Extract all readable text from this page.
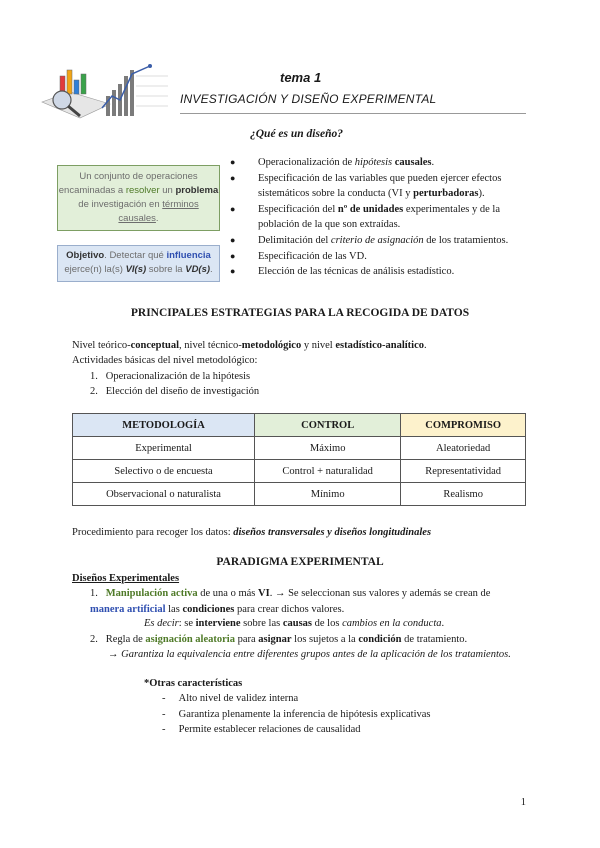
tema 1
INVESTIGACIÓN Y DISEÑO EXPERIMENTAL
¿Qué es un diseño?
Un conjunto de operaciones encaminadas a resolver un problema de investigación en términos causales.
Objetivo. Detectar qué influencia ejerce(n) la(s) VI(s) sobre la VD(s).
● Operacionalización de hipótesis causales.
● Especificación de las variables que pueden ejercer efectos sistemáticos sobre la conducta (VI y perturbadoras).
● Especificación del nº de unidades experimentales y de la población de la que son extraídas.
● Delimitación del criterio de asignación de los tratamientos.
● Especificación de las VD.
● Elección de las técnicas de análisis estadístico.
PRINCIPALES ESTRATEGIAS PARA LA RECOGIDA DE DATOS
Nivel teórico-conceptual, nivel técnico-metodológico y nivel estadístico-analítico.
Actividades básicas del nivel metodológico:
1. Operacionalización de la hipótesis
2. Elección del diseño de investigación
METODOLOGÍA	CONTROL	COMPROMISO
Experimental	Máximo	Aleatoriedad
Selectivo o de encuesta	Control + naturalidad	Representatividad
Observacional o naturalista	Mínimo	Realismo
Procedimiento para recoger los datos: diseños transversales y diseños longitudinales
PARADIGMA EXPERIMENTAL
Diseños Experimentales
1. Manipulación activa de una o más VI. → Se seleccionan sus valores y además se crean de manera artificial las condiciones para crear dichos valores.
Es decir: se interviene sobre las causas de los cambios en la conducta.
2. Regla de asignación aleatoria para asignar los sujetos a la condición de tratamiento.
→ Garantiza la equivalencia entre diferentes grupos antes de la aplicación de los tratamientos.
*Otras características
- Alto nivel de validez interna
- Garantiza plenamente la inferencia de hipótesis explicativas
- Permite establecer relaciones de causalidad
1
